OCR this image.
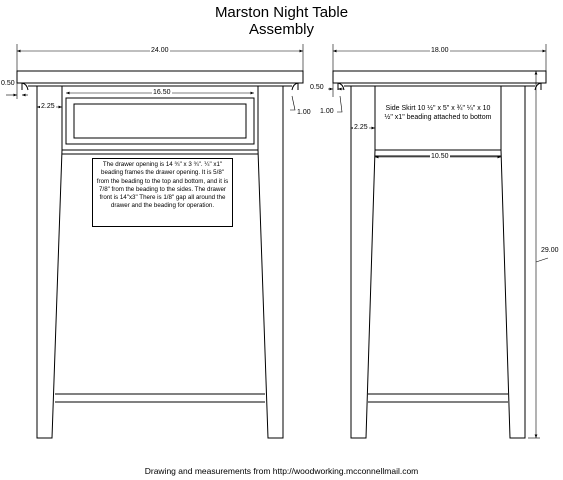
Marston Night Table
Assembly
24.00
0.50
16.50
2.25
1.00
The drawer opening is 14 ¾" x 3 ¾". ¼" x1" beading frames the drawer opening. It is 5/8" from the beading to the top and bottom, and it is 7/8" from the beading to the sides. The drawer front is 14"x3" There is 1/8" gap all around the drawer and the beading for operation.
18.00
0.50
1.00
2.25
10.50
29.00
Side Skirt 10 ½" x 5" x ¾" ¼" x 10 ½" x1" beading attached to bottom
Drawing and measurements from http://woodworking.mcconnellmail.com
